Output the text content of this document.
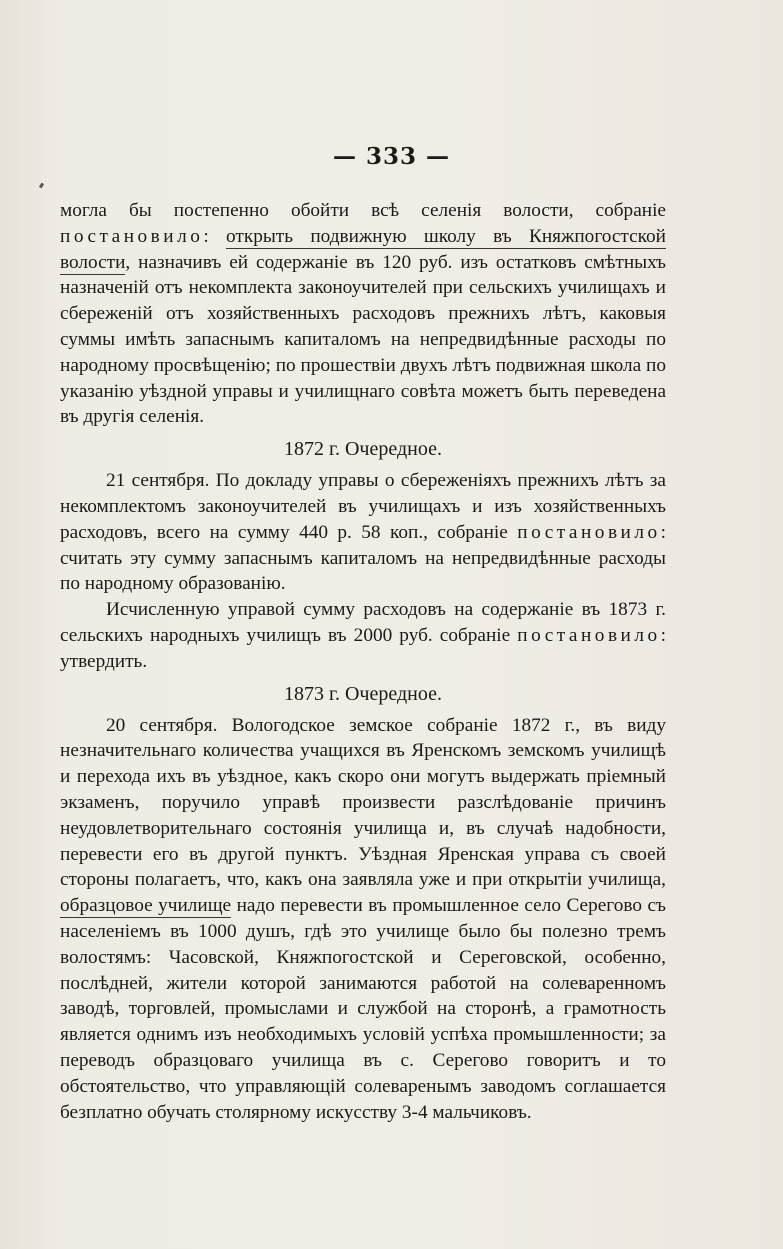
— 333 —

могла бы постепенно обойти всѣ селенія волости, собраніе постановило: открыть подвижную школу въ Княжпогостской волости, назначивъ ей содержаніе въ 120 руб. изъ остатковъ смѣтныхъ назначеній отъ некомплекта законоучителей при сельскихъ училищахъ и сбереженій отъ хозяйственныхъ расходовъ прежнихъ лѣтъ, каковыя суммы имѣть запаснымъ капиталомъ на непредвидѣнные расходы по народному просвѣщенію; по прошествіи двухъ лѣтъ подвижная школа по указанію уѣздной управы и училищнаго совѣта можетъ быть переведена въ другія селенія.

1872 г. Очередное.

21 сентября. По докладу управы о сбереженіяхъ прежнихъ лѣтъ за некомплектомъ законоучителей въ училищахъ и изъ хозяйственныхъ расходовъ, всего на сумму 440 р. 58 коп., собраніе постановило: считать эту сумму запаснымъ капиталомъ на непредвидѣнные расходы по народному образованію.

Исчисленную управой сумму расходовъ на содержаніе въ 1873 г. сельскихъ народныхъ училищъ въ 2000 руб. собраніе постановило: утвердить.

1873 г. Очередное.

20 сентября. Вологодское земское собраніе 1872 г., въ виду незначительнаго количества учащихся въ Яренскомъ земскомъ училищѣ и перехода ихъ въ уѣздное, какъ скоро они могутъ выдержать пріемный экзаменъ, поручило управѣ произвести разслѣдованіе причинъ неудовлетворительнаго состоянія училища и, въ случаѣ надобности, перевести его въ другой пунктъ. Уѣздная Яренская управа съ своей стороны полагаетъ, что, какъ она заявляла уже и при открытіи училища, образцовое училище надо перевести въ промышленное село Серегово съ населеніемъ въ 1000 душъ, гдѣ это училище было бы полезно тремъ волостямъ: Часовской, Княжпогостской и Сереговской, особенно, послѣдней, жители которой занимаются работой на солеваренномъ заводѣ, торговлей, промыслами и службой на сторонѣ, а грамотность является однимъ изъ необходимыхъ условій успѣха промышленности; за переводъ образцоваго училища въ с. Серегово говоритъ и то обстоятельство, что управляющій солеваренымъ заводомъ соглашается безплатно обучать столярному искусству 3-4 мальчиковъ.
